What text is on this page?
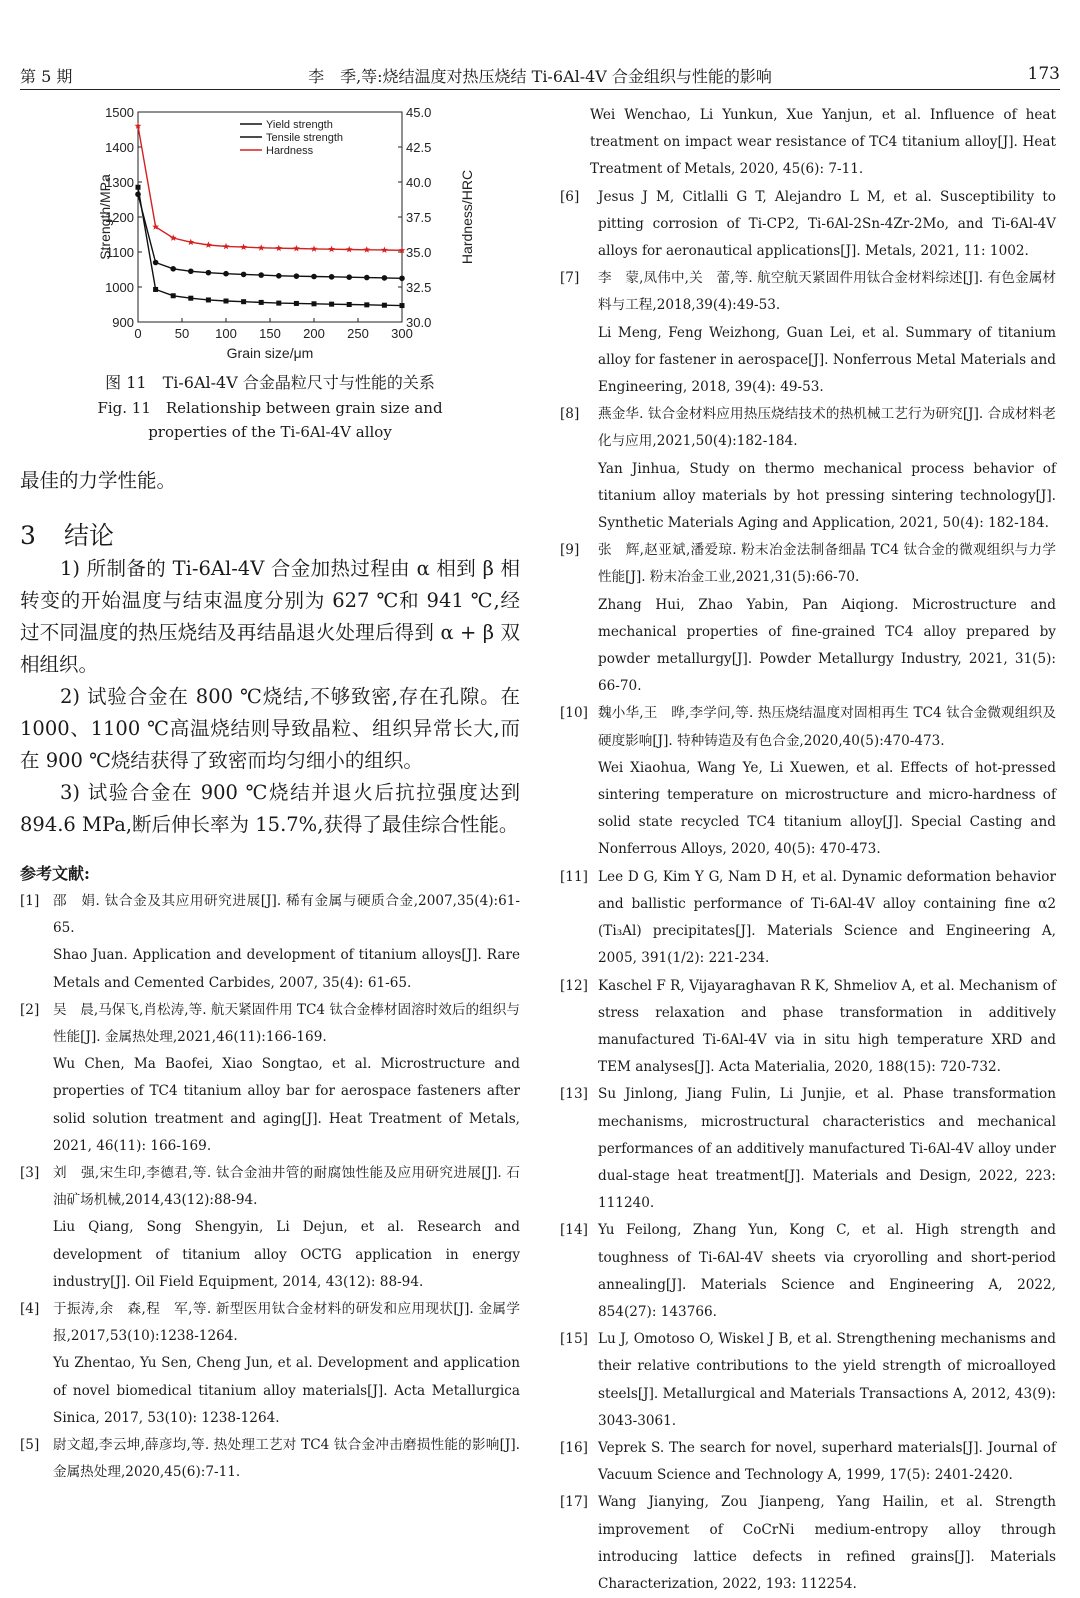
第 5 期	李　季,等:烧结温度对热压烧结 Ti-6Al-4V 合金组织与性能的影响	173
Strength/MPa	Hardness/HRC
Grain size/μm
0	50 100 150 200 250 300
900
1000
1100
1200
1300
1400
1500
30.0
32.5
35.0
37.5
40.0
42.5
45.0
Yield strength
Tensile strength
Hardness
图 11　Ti-6Al-4V 合金晶粒尺寸与性能的关系
Fig. 11　Relationship between grain size and
properties of the Ti-6Al-4V alloy

最佳的力学性能。

3 结论

1) 所制备的 Ti-6Al-4V 合金加热过程由 α 相到 β 相转变的开始温度与结束温度分别为 627 ℃和 941 ℃,经过不同温度的热压烧结及再结晶退火处理后得到 α + β 双相组织。

2) 试验合金在 800 ℃烧结,不够致密,存在孔隙。在 1000、1100 ℃高温烧结则导致晶粒、组织异常长大,而在 900 ℃烧结获得了致密而均匀细小的组织。

3) 试验合金在 900 ℃烧结并退火后抗拉强度达到 894.6 MPa,断后伸长率为 15.7%,获得了最佳综合性能。

参考文献:
[1] 邵　娟. 钛合金及其应用研究进展[J]. 稀有金属与硬质合金,2007,35(4):61-65.
Shao Juan. Application and development of titanium alloys[J]. Rare Metals and Cemented Carbides, 2007, 35(4): 61-65.
[2] 吴　晨,马保飞,肖松涛,等. 航天紧固件用 TC4 钛合金棒材固溶时效后的组织与性能[J]. 金属热处理,2021,46(11):166-169.
Wu Chen, Ma Baofei, Xiao Songtao, et al. Microstructure and properties of TC4 titanium alloy bar for aerospace fasteners after solid solution treatment and aging[J]. Heat Treatment of Metals, 2021, 46(11): 166-169.
[3] 刘　强,宋生印,李德君,等. 钛合金油井管的耐腐蚀性能及应用研究进展[J]. 石油矿场机械,2014,43(12):88-94.
Liu Qiang, Song Shengyin, Li Dejun, et al. Research and development of titanium alloy OCTG application in energy industry[J]. Oil Field Equipment, 2014, 43(12): 88-94.
[4] 于振涛,余　森,程　军,等. 新型医用钛合金材料的研发和应用现状[J]. 金属学报,2017,53(10):1238-1264.
Yu Zhentao, Yu Sen, Cheng Jun, et al. Development and application of novel biomedical titanium alloy materials[J]. Acta Metallurgica Sinica, 2017, 53(10): 1238-1264.
[5] 尉文超,李云坤,薛彦均,等. 热处理工艺对 TC4 钛合金冲击磨损性能的影响[J]. 金属热处理,2020,45(6):7-11.
Wei Wenchao, Li Yunkun, Xue Yanjun, et al. Influence of heat treatment on impact wear resistance of TC4 titanium alloy[J]. Heat Treatment of Metals, 2020, 45(6): 7-11.
[6] Jesus J M, Citlalli G T, Alejandro L M, et al. Susceptibility to pitting corrosion of Ti-CP2, Ti-6Al-2Sn-4Zr-2Mo, and Ti-6Al-4V alloys for aeronautical applications[J]. Metals, 2021, 11: 1002.
[7] 李　蒙,凤伟中,关　蕾,等. 航空航天紧固件用钛合金材料综述[J]. 有色金属材料与工程,2018,39(4):49-53.
Li Meng, Feng Weizhong, Guan Lei, et al. Summary of titanium alloy for fastener in aerospace[J]. Nonferrous Metal Materials and Engineering, 2018, 39(4): 49-53.
[8] 燕金华. 钛合金材料应用热压烧结技术的热机械工艺行为研究[J]. 合成材料老化与应用,2021,50(4):182-184.
Yan Jinhua, Study on thermo mechanical process behavior of titanium alloy materials by hot pressing sintering technology[J]. Synthetic Materials Aging and Application, 2021, 50(4): 182-184.
[9] 张　辉,赵亚斌,潘爱琼. 粉末冶金法制备细晶 TC4 钛合金的微观组织与力学性能[J]. 粉末冶金工业,2021,31(5):66-70.
Zhang Hui, Zhao Yabin, Pan Aiqiong. Microstructure and mechanical properties of fine-grained TC4 alloy prepared by powder metallurgy[J]. Powder Metallurgy Industry, 2021, 31(5): 66-70.
[10] 魏小华,王　晔,李学问,等. 热压烧结温度对固相再生 TC4 钛合金微观组织及硬度影响[J]. 特种铸造及有色合金,2020,40(5):470-473.
Wei Xiaohua, Wang Ye, Li Xuewen, et al. Effects of hot-pressed sintering temperature on microstructure and micro-hardness of solid state recycled TC4 titanium alloy[J]. Special Casting and Nonferrous Alloys, 2020, 40(5): 470-473.
[11] Lee D G, Kim Y G, Nam D H, et al. Dynamic deformation behavior and ballistic performance of Ti-6Al-4V alloy containing fine α2 (Ti₃Al) precipitates[J]. Materials Science and Engineering A, 2005, 391(1/2): 221-234.
[12] Kaschel F R, Vijayaraghavan R K, Shmeliov A, et al. Mechanism of stress relaxation and phase transformation in additively manufactured Ti-6Al-4V via in situ high temperature XRD and TEM analyses[J]. Acta Materialia, 2020, 188(15): 720-732.
[13] Su Jinlong, Jiang Fulin, Li Junjie, et al. Phase transformation mechanisms, microstructural characteristics and mechanical performances of an additively manufactured Ti-6Al-4V alloy under dual-stage heat treatment[J]. Materials and Design, 2022, 223: 111240.
[14] Yu Feilong, Zhang Yun, Kong C, et al. High strength and toughness of Ti-6Al-4V sheets via cryorolling and short-period annealing[J]. Materials Science and Engineering A, 2022, 854(27): 143766.
[15] Lu J, Omotoso O, Wiskel J B, et al. Strengthening mechanisms and their relative contributions to the yield strength of microalloyed steels[J]. Metallurgical and Materials Transactions A, 2012, 43(9): 3043-3061.
[16] Veprek S. The search for novel, superhard materials[J]. Journal of Vacuum Science and Technology A, 1999, 17(5): 2401-2420.
[17] Wang Jianying, Zou Jianpeng, Yang Hailin, et al. Strength improvement of CoCrNi medium-entropy alloy through introducing lattice defects in refined grains[J]. Materials Characterization, 2022, 193: 112254.
